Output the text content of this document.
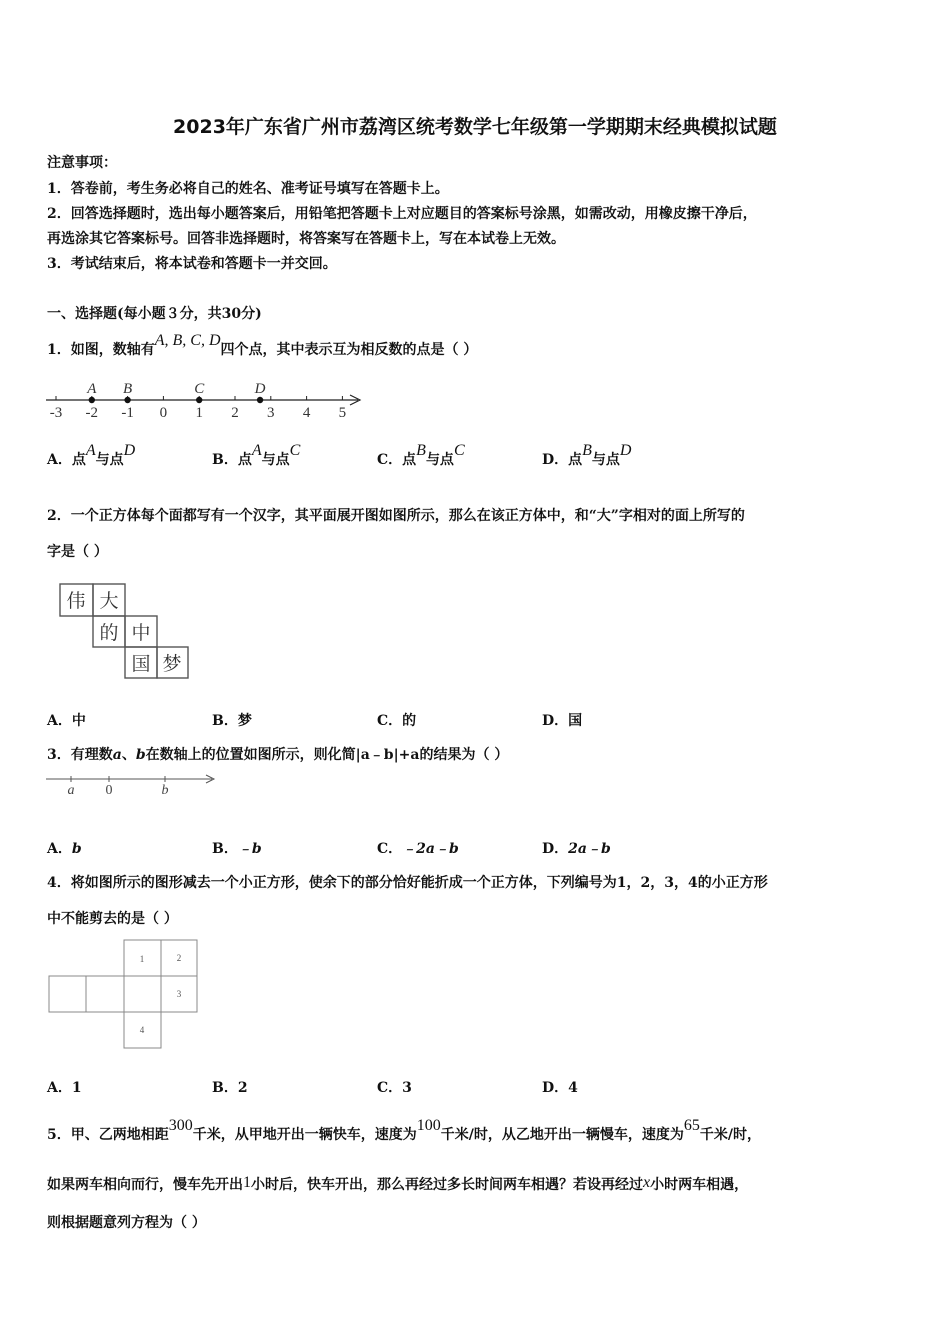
2023年广东省广州市荔湾区统考数学七年级第一学期期末经典模拟试题
注意事项：
1．答卷前，考生务必将自己的姓名、准考证号填写在答题卡上。
2．回答选择题时，选出每小题答案后，用铅笔把答题卡上对应题目的答案标号涂黑，如需改动，用橡皮擦干净后，
再选涂其它答案标号。回答非选择题时，将答案写在答题卡上，写在本试卷上无效。
3．考试结束后，将本试卷和答题卡一并交回。
一、选择题(每小题３分，共30分)
1．如图，数轴有A, B, C, D四个点，其中表示互为相反数的点是（ ）
-3 -2 -1 0 1 2 3 4 5
A B	C	D
A．点A与点D
B．点A与点C
C．点B与点C
D．点B与点D
2．一个正方体每个面都写有一个汉字，其平面展开图如图所示，那么在该正方体中，和“大”字相对的面上所写的
字是（ ）
伟 大
的 中
国 梦
A．中	B．梦	C．的	D．国
3．有理数a、b在数轴上的位置如图所示，则化简|a﹣b|+a的结果为（ ）
a 0	b
A．b	B．﹣b	C．﹣2a﹣b	D．2a﹣b
4．将如图所示的图形减去一个小正方形，使余下的部分恰好能折成一个正方体，下列编号为1，2，3，4的小正方形
中不能剪去的是（ ）
1	2
3
4
A．1	B．2	C．3	D．4
5．甲、乙两地相距300千米，从甲地开出一辆快车，速度为100千米/时，从乙地开出一辆慢车，速度为65千米/时，
如果两车相向而行，慢车先开出1小时后，快车开出，那么再经过多长时间两车相遇？若设再经过x小时两车相遇，
则根据题意列方程为（ ）
